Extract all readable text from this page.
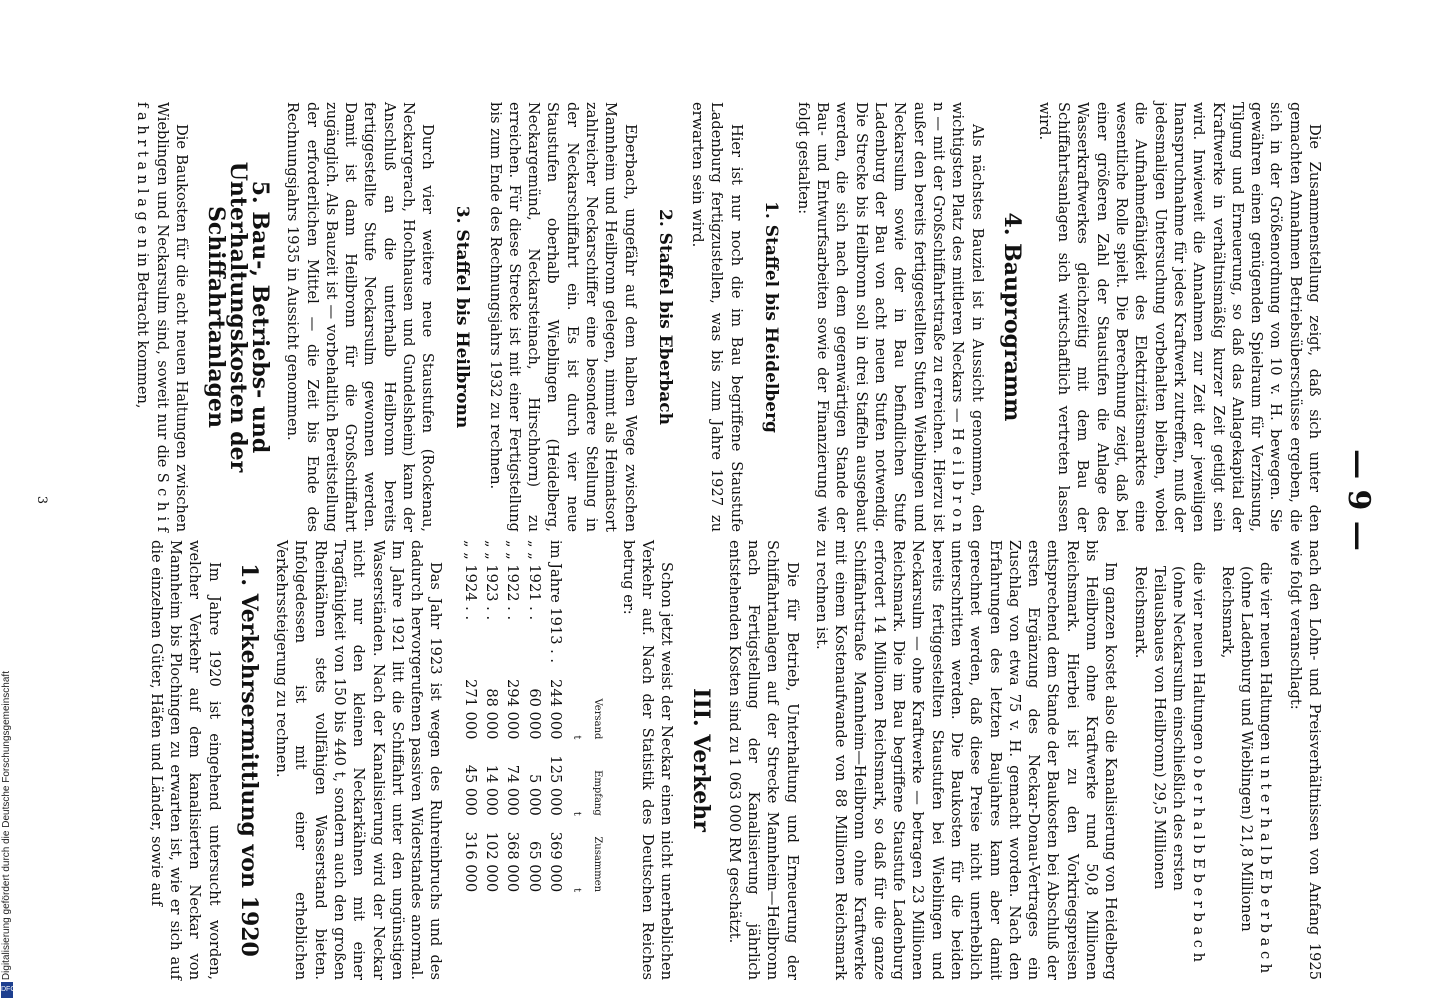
— 9 —

Die Zusammenstellung zeigt, daß sich unter den gemachten Annahmen Betriebsüberschüsse ergeben, die sich in der Größenordnung von 10 v. H. bewegen. Sie gewähren einen genügenden Spielraum für Verzinsung, Tilgung und Erneuerung, so daß das Anlagekapital der Kraftwerke in verhältnismäßig kurzer Zeit getilgt sein wird. Inwieweit die Annahmen zur Zeit der jeweiligen Inanspruchnahme für jedes Kraftwerk zutreffen, muß der jedesmaligen Untersuchung vorbehalten bleiben, wobei die Aufnahmefähigkeit des Elektrizitätsmarktes eine wesentliche Rolle spielt. Die Berechnung zeigt, daß bei einer größeren Zahl der Staustufen die Anlage des Wasserkraftwerkes gleichzeitig mit dem Bau der Schiffahrtsanlagen sich wirtschaftlich vertreten lassen wird.

4. Bauprogramm

Als nächstes Bauziel ist in Aussicht genommen, den wichtigsten Platz des mittleren Neckars — H e i l b r o n n — mit der Großschiffahrtstraße zu erreichen. Hierzu ist außer den bereits fertiggestellten Stufen Wieblingen und Neckarsulm sowie der in Bau befindlichen Stufe Ladenburg der Bau von acht neuen Stufen notwendig. Die Strecke bis Heilbronn soll in drei Staffeln ausgebaut werden, die sich nach dem gegenwärtigen Stande der Bau- und Entwurfsarbeiten sowie der Finanzierung wie folgt gestalten:

1. Staffel bis Heidelberg

Hier ist nur noch die im Bau begriffene Staustufe Ladenburg fertigzustellen, was bis zum Jahre 1927 zu erwarten sein wird.

2. Staffel bis Eberbach

Eberbach, ungefähr auf dem halben Wege zwischen Mannheim und Heilbronn gelegen, nimmt als Heimatsort zahlreicher Neckarschiffer eine besondere Stellung in der Neckarschiffahrt ein. Es ist durch vier neue Staustufen oberhalb Wieblingen (Heidelberg, Neckargemünd, Neckarsteinach, Hirschhorn) zu erreichen. Für diese Strecke ist mit einer Fertigstellung bis zum Ende des Rechnungsjahrs 1932 zu rechnen.

3. Staffel bis Heilbronn

Durch vier weitere neue Staustufen (Rockenau, Neckargerach, Hochhausen und Gundelsheim) kann der Anschluß an die unterhalb Heilbronn bereits fertiggestellte Stufe Neckarsulm gewonnen werden. Damit ist dann Heilbronn für die Großschiffahrt zugänglich. Als Bauzeit ist — vorbehaltlich Bereitstellung der erforderlichen Mittel — die Zeit bis Ende des Rechnungsjahrs 1935 in Aussicht genommen.

5. Bau-, Betriebs- und Unterhaltungskosten der Schiffahrtanlagen

Die Baukosten für die acht neuen Haltungen zwischen Wieblingen und Neckarsulm sind, soweit nur die S c h i f f a h r t a n l a g e n in Betracht kommen,

nach den Lohn- und Preisverhältnissen von Anfang 1925 wie folgt veranschlagt:

die vier neuen Haltungen u n t e r h a l b E b e r b a c h (ohne Ladenburg und Wieblingen) 21,8 Millionen Reichsmark,
die vier neuen Haltungen o b e r h a l b E b e r b a c h (ohne Neckarsulm einschließlich des ersten Teilausbaues von Heilbronn) 29,5 Millionen Reichsmark.

Im ganzen kostet also die Kanalisierung von Heidelberg bis Heilbronn ohne Kraftwerke rund 50,8 Millionen Reichsmark. Hierbei ist zu den Vorkriegspreisen entsprechend dem Stande der Baukosten bei Abschluß der ersten Ergänzung des Neckar-Donau-Vertrages ein Zuschlag von etwa 75 v. H. gemacht worden. Nach den Erfahrungen des letzten Baujahres kann aber damit gerechnet werden, daß diese Preise nicht unerheblich unterschritten werden. Die Baukosten für die beiden bereits fertiggestellten Staustufen bei Wieblingen und Neckarsulm — ohne Kraftwerke — betragen 23 Millionen Reichsmark. Die im Bau begriffene Staustufe Ladenburg erfordert 14 Millionen Reichsmark, so daß für die ganze Schiffahrtstraße Mannheim—Heilbronn ohne Kraftwerke mit einem Kostenaufwande von 88 Millionen Reichsmark zu rechnen ist.

Die für Betrieb, Unterhaltung und Erneuerung der Schiffahrtanlagen auf der Strecke Mannheim—Heilbronn nach Fertigstellung der Kanalisierung jährlich entstehenden Kosten sind zu 1 063 000 RM geschätzt.

III. Verkehr

Schon jetzt weist der Neckar einen nicht unerheblichen Verkehr auf. Nach der Statistik des Deutschen Reiches betrug er:

	Versand	Empfang	Zusammen
	t	t	t
im Jahre 1913 . .	244 000	125 000	369 000
„ „ 1921 . .	60 000	5 000	65 000
„ „ 1922 . .	294 000	74 000	368 000
„ „ 1923 . .	88 000	14 000	102 000
„ „ 1924 . .	271 000	45 000	316 000

Das Jahr 1923 ist wegen des Ruhreinbruchs und des dadurch hervorgerufenen passiven Widerstandes anormal. Im Jahre 1921 litt die Schiffahrt unter den ungünstigen Wasserständen. Nach der Kanalisierung wird der Neckar nicht nur den kleinen Neckarkähnen mit einer Tragfähigkeit von 150 bis 440 t, sondern auch den großen Rheinkähnen stets vollfähigen Wasserstand bieten. Infolgedessen ist mit einer erheblichen Verkehrssteigerung zu rechnen.

1. Verkehrsermittlung von 1920

Im Jahre 1920 ist eingehend untersucht worden, welcher Verkehr auf dem kanalisierten Neckar von Mannheim bis Plochingen zu erwarten ist, wie er sich auf die einzelnen Güter, Häfen und Länder, sowie auf

3
Digitalisierung gefördert durch die Deutsche Forschungsgemeinschaft
DFG
